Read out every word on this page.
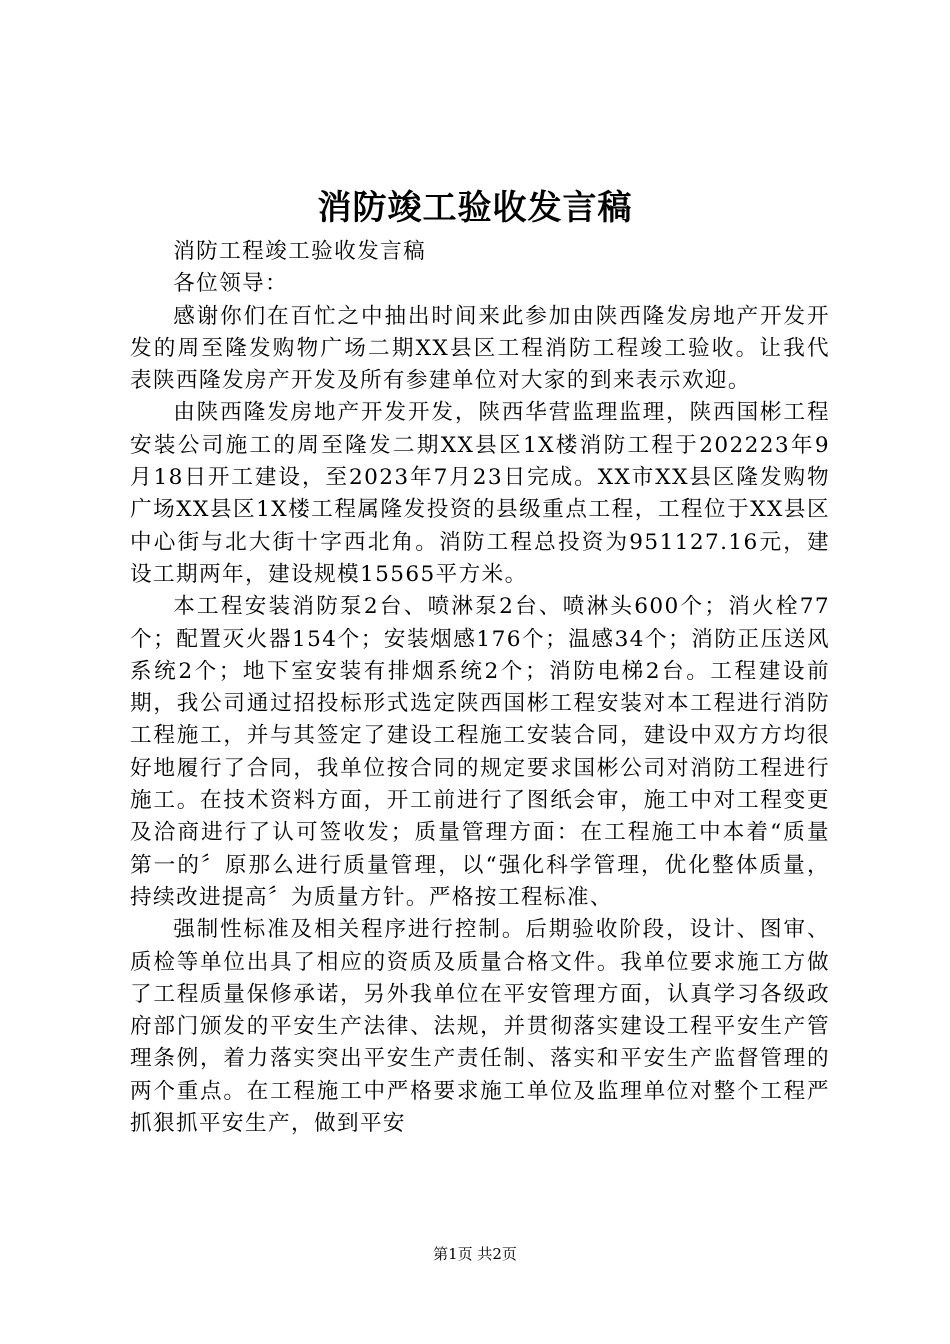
消防竣工验收发言稿

消防工程竣工验收发言稿

各位领导：

感谢你们在百忙之中抽出时间来此参加由陕西隆发房地产开发开发的周至隆发购物广场二期XX县区工程消防工程竣工验收。让我代表陕西隆发房产开发及所有参建单位对大家的到来表示欢迎。

由陕西隆发房地产开发开发，陕西华营监理监理，陕西国彬工程安装公司施工的周至隆发二期XX县区1X楼消防工程于202223年9月18日开工建设，至2023年7月23日完成。XX市XX县区隆发购物广场XX县区1X楼工程属隆发投资的县级重点工程，工程位于XX县区中心街与北大街十字西北角。消防工程总投资为951127.16元，建设工期两年，建设规模15565平方米。

本工程安装消防泵2台、喷淋泵2台、喷淋头600个；消火栓77个；配置灭火器154个；安装烟感176个；温感34个；消防正压送风系统2个；地下室安装有排烟系统2个；消防电梯2台。工程建设前期，我公司通过招投标形式选定陕西国彬工程安装对本工程进行消防工程施工，并与其签定了建设工程施工安装合同，建设中双方方均很好地履行了合同，我单位按合同的规定要求国彬公司对消防工程进行施工。在技术资料方面，开工前进行了图纸会审，施工中对工程变更及洽商进行了认可签收发；质量管理方面：在工程施工中本着“质量第一的〞原那么进行质量管理，以“强化科学管理，优化整体质量，持续改进提高〞为质量方针。严格按工程标准、

强制性标准及相关程序进行控制。后期验收阶段，设计、图审、质检等单位出具了相应的资质及质量合格文件。我单位要求施工方做了工程质量保修承诺，另外我单位在平安管理方面，认真学习各级政府部门颁发的平安生产法律、法规，并贯彻落实建设工程平安生产管理条例，着力落实突出平安生产责任制、落实和平安生产监督管理的两个重点。在工程施工中严格要求施工单位及监理单位对整个工程严抓狠抓平安生产，做到平安

第1页 共2页
